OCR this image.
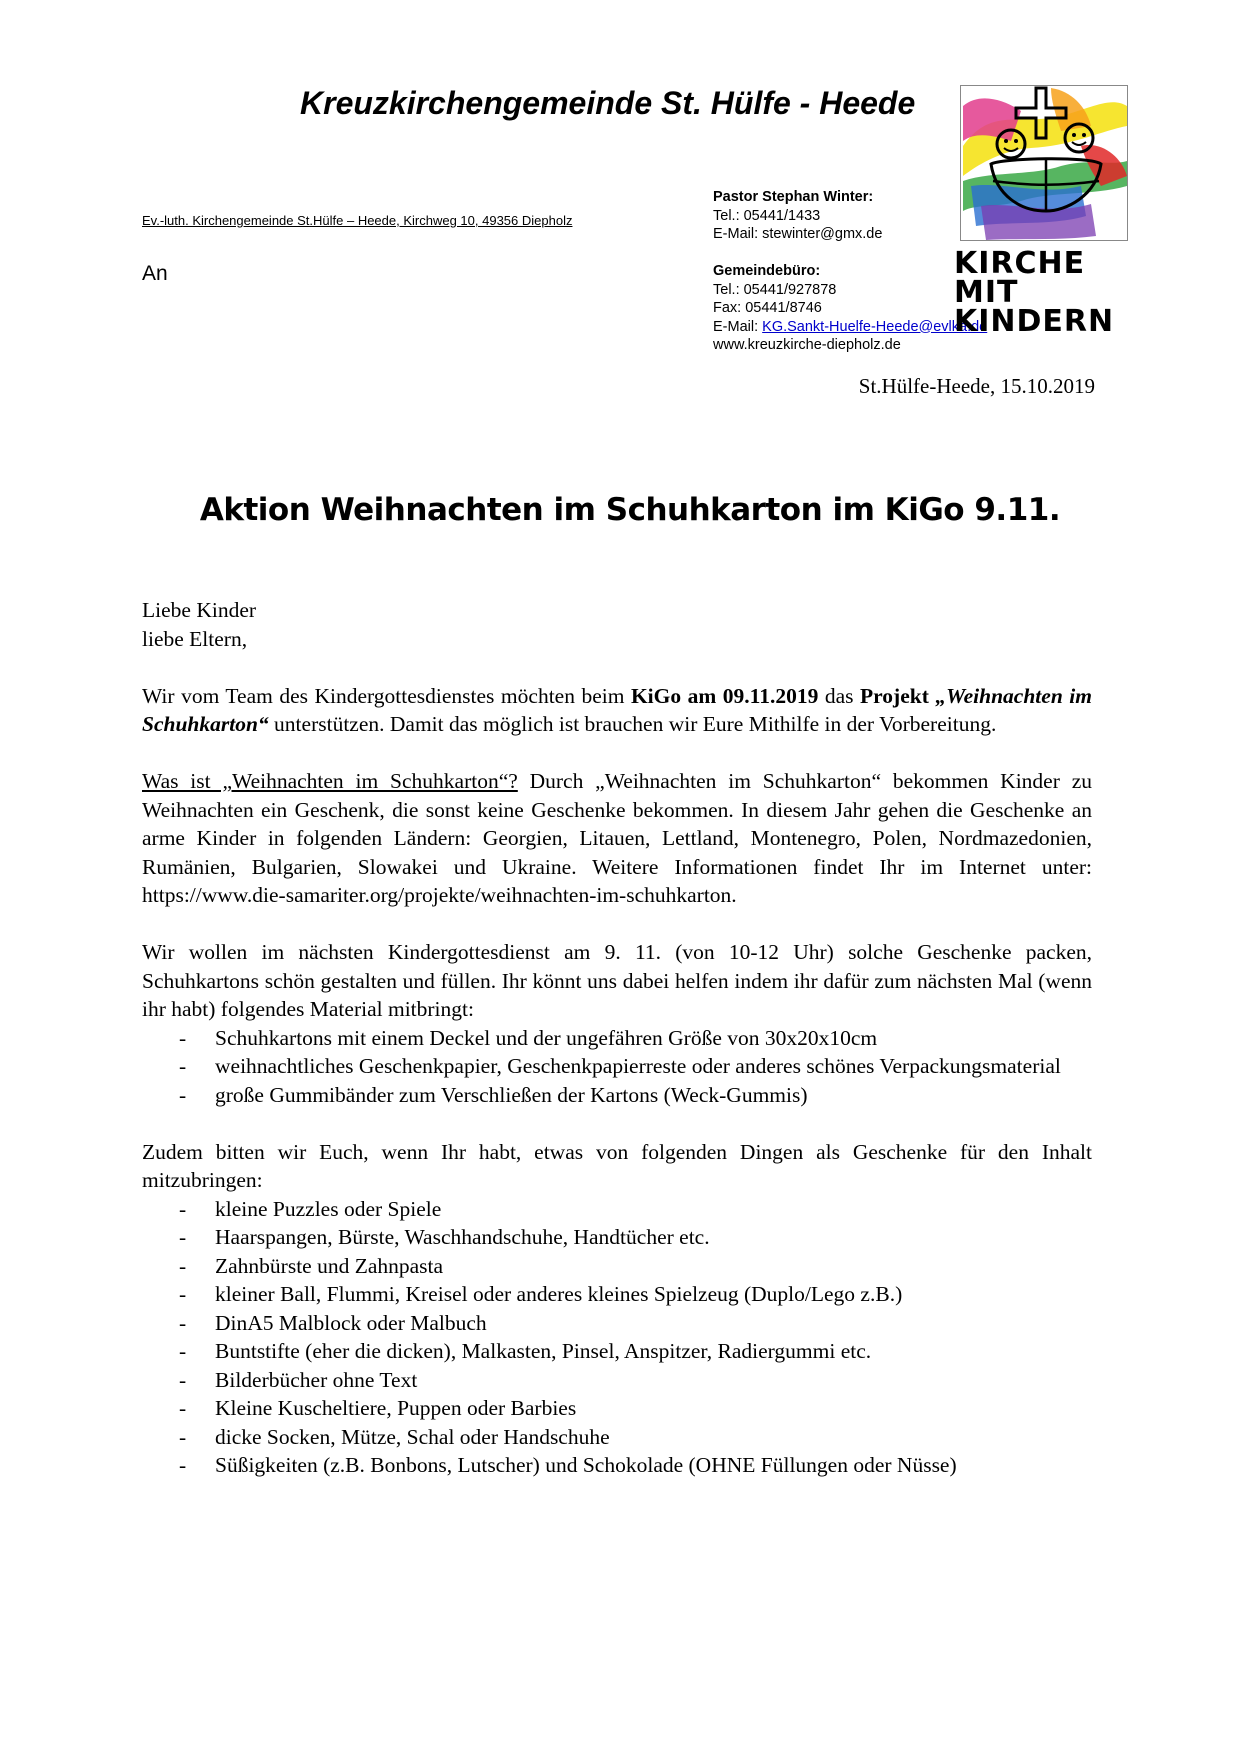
Kreuzkirchengemeinde St. Hülfe - Heede
Ev.-luth. Kirchengemeinde St.Hülfe – Heede, Kirchweg 10, 49356 Diepholz
An
Pastor Stephan Winter:
Tel.: 05441/1433
E-Mail: stewinter@gmx.de
Gemeindebüro:
Tel.: 05441/927878
Fax: 05441/8746
E-Mail: KG.Sankt-Huelfe-Heede@evlka.de
www.kreuzkirche-diepholz.de
KIRCHE MIT
KINDERN
St.Hülfe-Heede, 15.10.2019
Aktion Weihnachten im Schuhkarton im KiGo 9.11.

Liebe Kinder

liebe Eltern,

Wir vom Team des Kindergottesdienstes möchten beim KiGo am 09.11.2019 das Projekt „Weihnachten im Schuhkarton“ unterstützen. Damit das möglich ist brauchen wir Eure Mithilfe in der Vorbereitung.

Was ist „Weihnachten im Schuhkarton“? Durch „Weihnachten im Schuhkarton“ bekommen Kinder zu Weihnachten ein Geschenk, die sonst keine Geschenke bekommen. In diesem Jahr gehen die Geschenke an arme Kinder in folgenden Ländern: Georgien, Litauen, Lettland, Montenegro, Polen, Nordmazedonien, Rumänien, Bulgarien, Slowakei und Ukraine. Weitere Informationen findet Ihr im Internet unter: https://www.die-samariter.org/projekte/weihnachten-im-schuhkarton.

Wir wollen im nächsten Kindergottesdienst am 9. 11. (von 10-12 Uhr) solche Geschenke packen, Schuhkartons schön gestalten und füllen. Ihr könnt uns dabei helfen indem ihr dafür zum nächsten Mal (wenn ihr habt) folgendes Material mitbringt:

- Schuhkartons mit einem Deckel und der ungefähren Größe von 30x20x10cm
- weihnachtliches Geschenkpapier, Geschenkpapierreste oder anderes schönes Verpackungsmaterial
- große Gummibänder zum Verschließen der Kartons (Weck-Gummis)

Zudem bitten wir Euch, wenn Ihr habt, etwas von folgenden Dingen als Geschenke für den Inhalt mitzubringen:

- kleine Puzzles oder Spiele
- Haarspangen, Bürste, Waschhandschuhe, Handtücher etc.
- Zahnbürste und Zahnpasta
- kleiner Ball, Flummi, Kreisel oder anderes kleines Spielzeug (Duplo/Lego z.B.)
- DinA5 Malblock oder Malbuch
- Buntstifte (eher die dicken), Malkasten, Pinsel, Anspitzer, Radiergummi etc.
- Bilderbücher ohne Text
- Kleine Kuscheltiere, Puppen oder Barbies
- dicke Socken, Mütze, Schal oder Handschuhe
- Süßigkeiten (z.B. Bonbons, Lutscher) und Schokolade (OHNE Füllungen oder Nüsse)
